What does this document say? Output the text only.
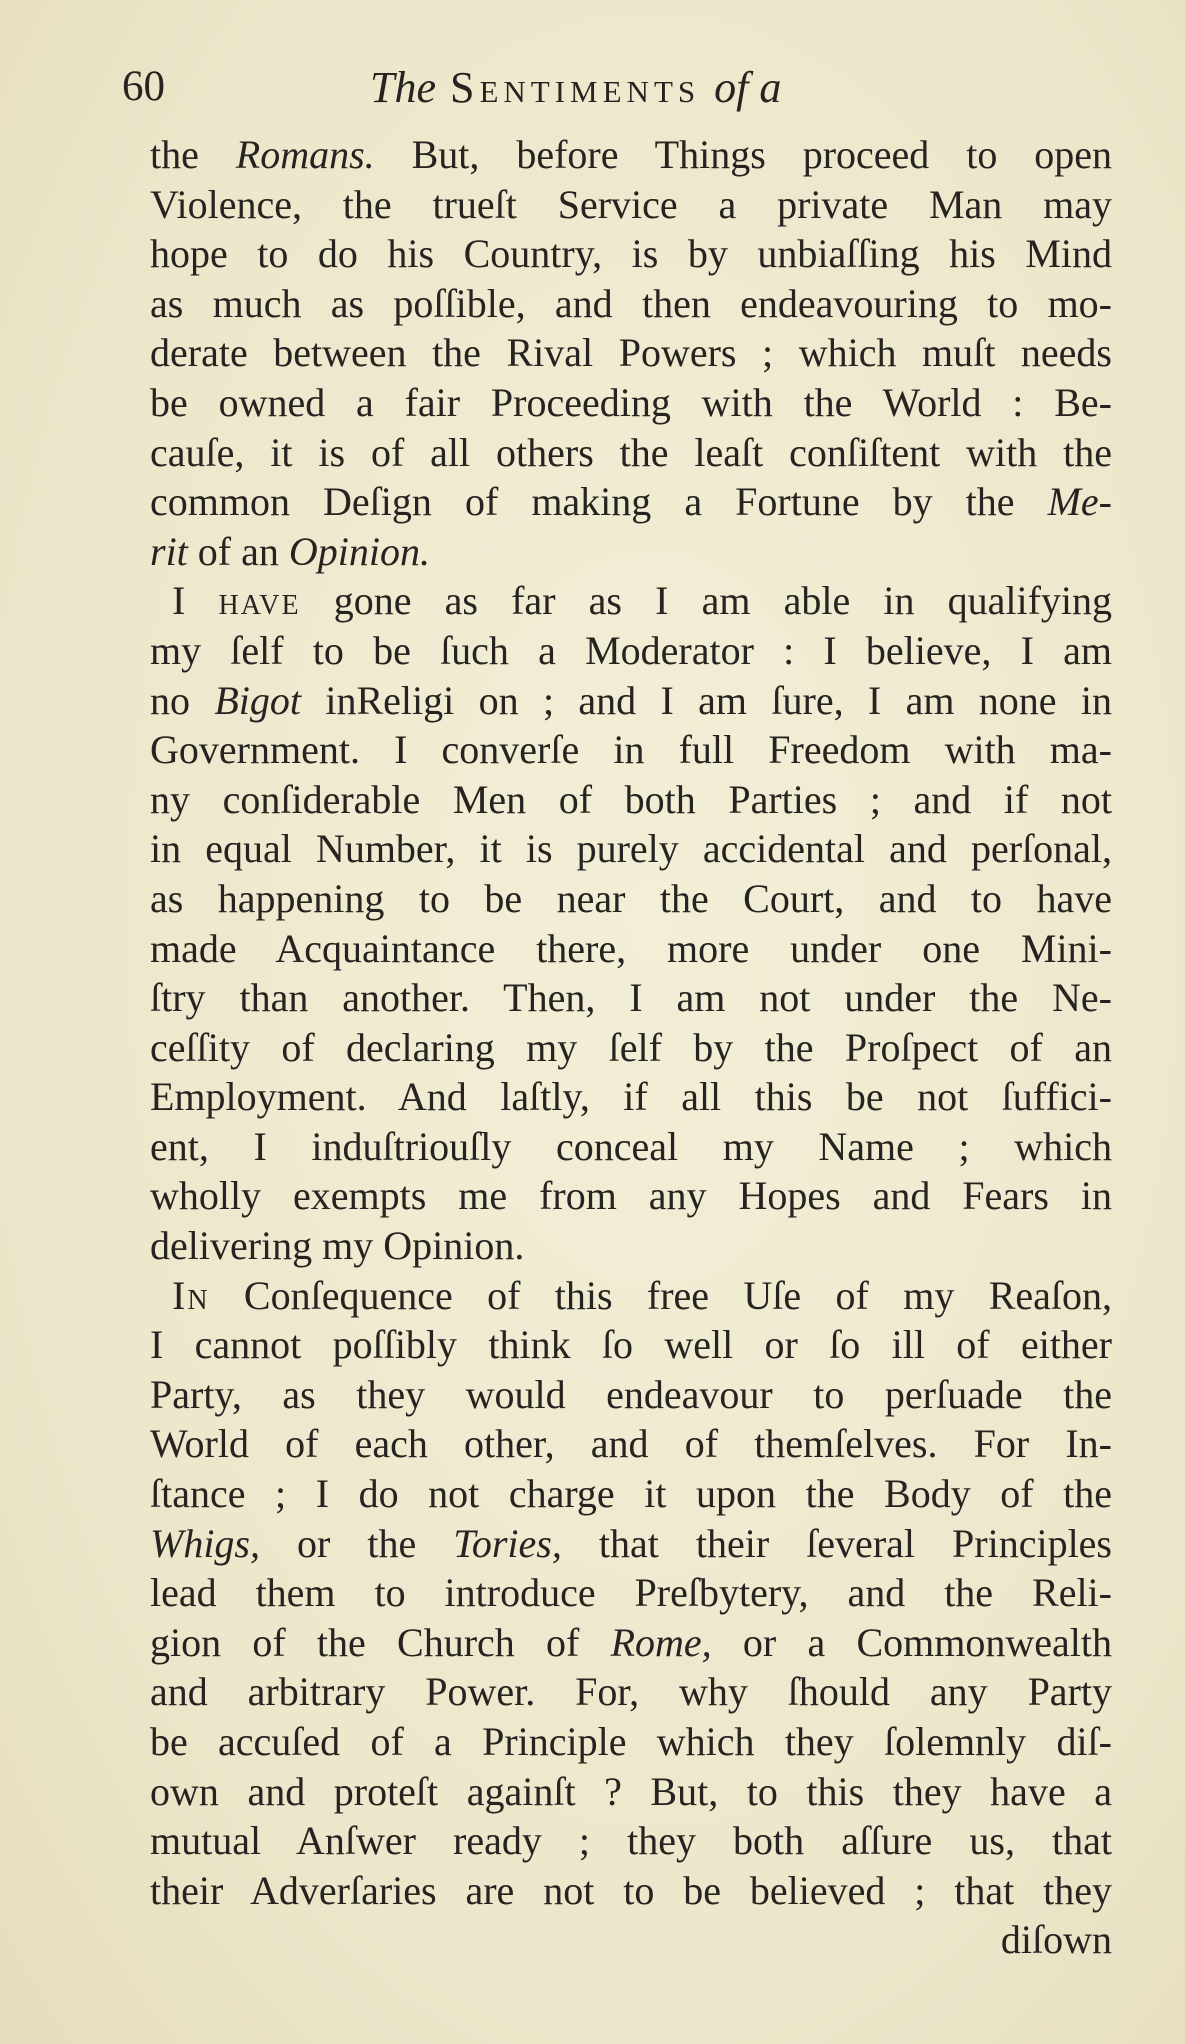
60	The Sentiments of a
the Romans. But, before Things proceed to open
Violence, the trueſt Service a private Man may
hope to do his Country, is by unbiaſſing his Mind
as much as poſſible, and then endeavouring to mo-
derate between the Rival Powers ; which muſt needs
be owned a fair Proceeding with the World : Be-
cauſe, it is of all others the leaſt conſiſtent with the
common Deſign of making a Fortune by the Me-
rit of an Opinion.
I have gone as far as I am able in qualifying
my ſelf to be ſuch a Moderator : I believe, I am
no Bigot inReligi on ; and I am ſure, I am none in
Government. I converſe in full Freedom with ma-
ny conſiderable Men of both Parties ; and if not
in equal Number, it is purely accidental and perſonal,
as happening to be near the Court, and to have
made Acquaintance there, more under one Mini-
ſtry than another. Then, I am not under the Ne-
ceſſity of declaring my ſelf by the Proſpect of an
Employment. And laſtly, if all this be not ſuffici-
ent, I induſtriouſly conceal my Name ; which
wholly exempts me from any Hopes and Fears in
delivering my Opinion.
In Conſequence of this free Uſe of my Reaſon,
I cannot poſſibly think ſo well or ſo ill of either
Party, as they would endeavour to perſuade the
World of each other, and of themſelves. For In-
ſtance ; I do not charge it upon the Body of the
Whigs, or the Tories, that their ſeveral Principles
lead them to introduce Preſbytery, and the Reli-
gion of the Church of Rome, or a Commonwealth
and arbitrary Power. For, why ſhould any Party
be accuſed of a Principle which they ſolemnly diſ-
own and proteſt againſt ? But, to this they have a
mutual Anſwer ready ; they both aſſure us, that
their Adverſaries are not to be believed ; that they
diſown
